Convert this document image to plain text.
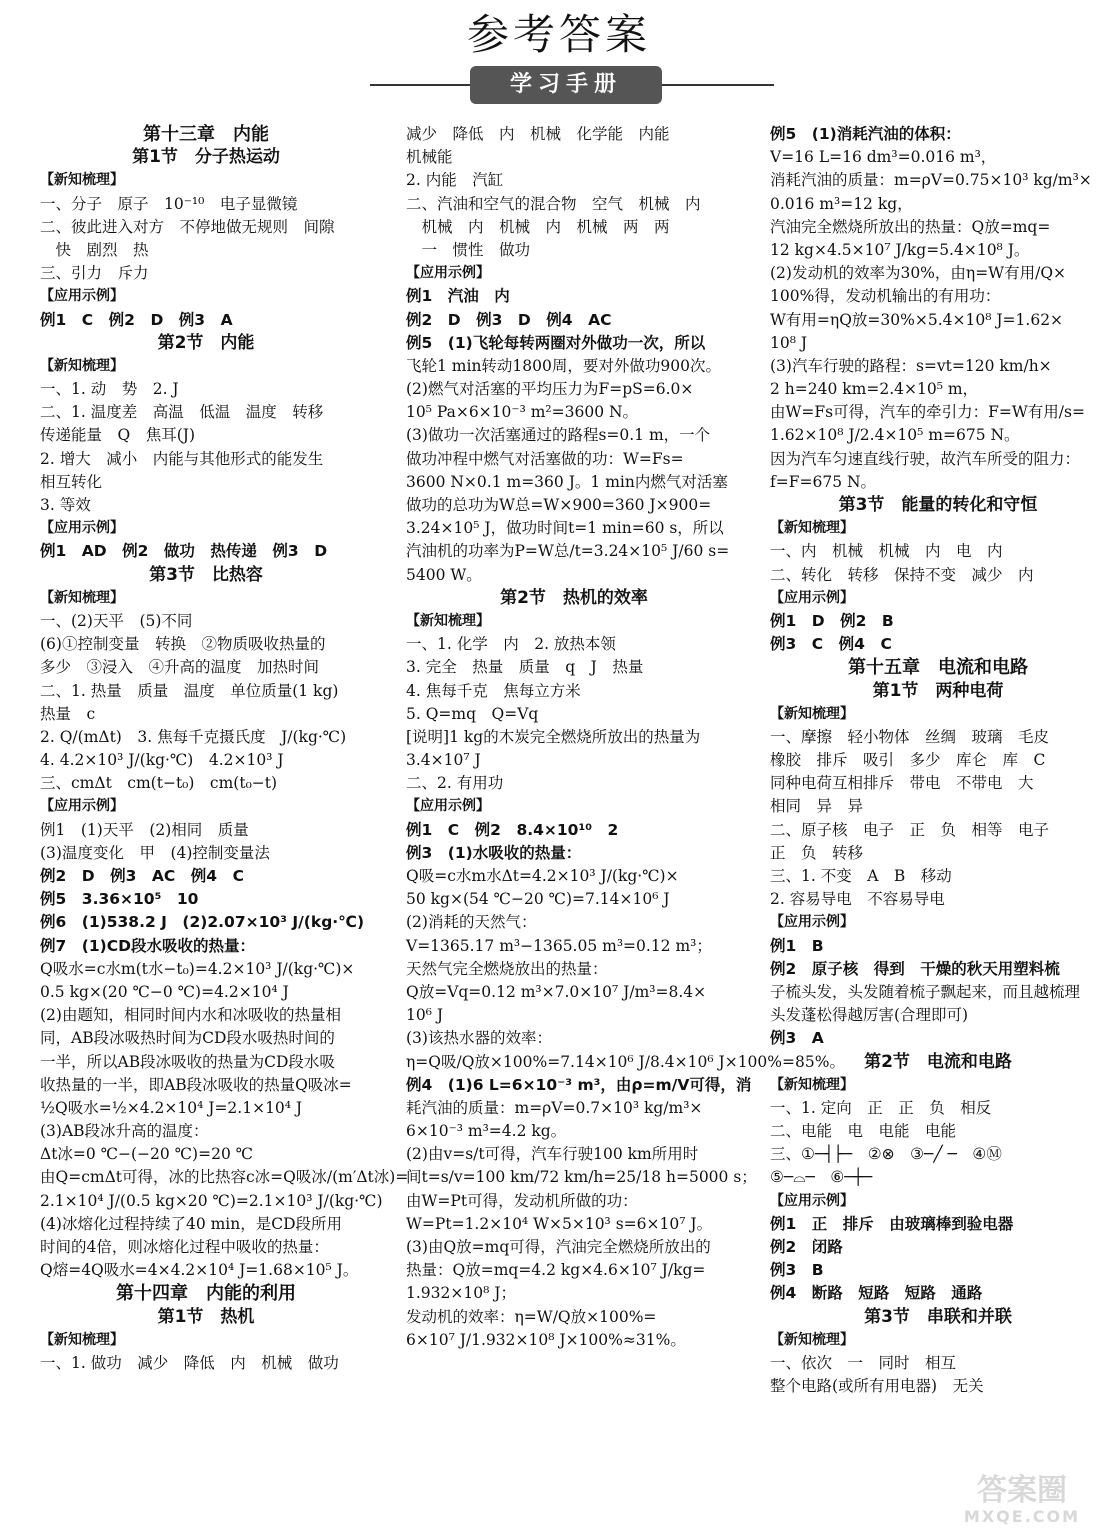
参考答案
学习手册
第十三章　内能
第1节　分子热运动
【新知梳理】
一、分子　原子　10⁻¹⁰　电子显微镜
二、彼此进入对方　不停地做无规则　间隙
　快　剧烈　热
三、引力　斥力
【应用示例】
例1　C　例2　D　例3　A
第2节　内能
【新知梳理】
一、1. 动　势　2. J
二、1. 温度差　高温　低温　温度　转移
传递能量　Q　焦耳(J)
2. 增大　减小　内能与其他形式的能发生
相互转化
3. 等效
【应用示例】
例1　AD　例2　做功　热传递　例3　D
第3节　比热容
【新知梳理】
一、(2)天平　(5)不同
(6)①控制变量　转换　②物质吸收热量的
多少　③浸入　④升高的温度　加热时间
二、1. 热量　质量　温度　单位质量(1 kg)
热量　c
2. Q/(mΔt)　3. 焦每千克摄氏度　J/(kg·℃)
4. 4.2×10³ J/(kg·℃)　4.2×10³ J
三、cmΔt　cm(t−t₀)　cm(t₀−t)
【应用示例】
例1　(1)天平　(2)相同　质量
(3)温度变化　甲　(4)控制变量法
例2　D　例3　AC　例4　C
例5　3.36×10⁵　10
例6　(1)538.2 J　(2)2.07×10³ J/(kg·℃)
例7　(1)CD段水吸收的热量：
Q吸水=c水m(t水−t₀)=4.2×10³ J/(kg·℃)×
0.5 kg×(20 ℃−0 ℃)=4.2×10⁴ J
(2)由题知，相同时间内水和冰吸收的热量相
同，AB段冰吸热时间为CD段水吸热时间的
一半，所以AB段冰吸收的热量为CD段水吸
收热量的一半，即AB段冰吸收的热量Q吸冰=
½Q吸水=½×4.2×10⁴ J=2.1×10⁴ J
(3)AB段冰升高的温度：
Δt冰=0 ℃−(−20 ℃)=20 ℃
由Q=cmΔt可得，冰的比热容c冰=Q吸冰/(m′Δt冰)=
2.1×10⁴ J/(0.5 kg×20 ℃)=2.1×10³ J/(kg·℃)
(4)冰熔化过程持续了40 min，是CD段所用
时间的4倍，则冰熔化过程中吸收的热量：
Q熔=4Q吸水=4×4.2×10⁴ J=1.68×10⁵ J。
第十四章　内能的利用
第1节　热机
【新知梳理】
一、1. 做功　减少　降低　内　机械　做功
减少　降低　内　机械　化学能　内能
机械能
2. 内能　汽缸
二、汽油和空气的混合物　空气　机械　内
　机械　内　机械　内　机械　两　两
　一　惯性　做功
【应用示例】
例1　汽油　内
例2　D　例3　D　例4　AC
例5　(1)飞轮每转两圈对外做功一次，所以
飞轮1 min转动1800周，要对外做功900次。
(2)燃气对活塞的平均压力为F=pS=6.0×
10⁵ Pa×6×10⁻³ m²=3600 N。
(3)做功一次活塞通过的路程s=0.1 m，一个
做功冲程中燃气对活塞做的功：W=Fs=
3600 N×0.1 m=360 J。1 min内燃气对活塞
做功的总功为W总=W×900=360 J×900=
3.24×10⁵ J，做功时间t=1 min=60 s，所以
汽油机的功率为P=W总/t=3.24×10⁵ J/60 s=
5400 W。
第2节　热机的效率
【新知梳理】
一、1. 化学　内　2. 放热本领
3. 完全　热量　质量　q　J　热量
4. 焦每千克　焦每立方米
5. Q=mq　Q=Vq
[说明]1 kg的木炭完全燃烧所放出的热量为
3.4×10⁷ J
二、2. 有用功
【应用示例】
例1　C　例2　8.4×10¹⁰　2
例3　(1)水吸收的热量：
Q吸=c水m水Δt=4.2×10³ J/(kg·℃)×
50 kg×(54 ℃−20 ℃)=7.14×10⁶ J
(2)消耗的天然气：
V=1365.17 m³−1365.05 m³=0.12 m³；
天然气完全燃烧放出的热量：
Q放=Vq=0.12 m³×7.0×10⁷ J/m³=8.4×
10⁶ J
(3)该热水器的效率：
η=Q吸/Q放×100%=7.14×10⁶ J/8.4×10⁶ J×100%=85%。
例4　(1)6 L=6×10⁻³ m³，由ρ=m/V可得，消
耗汽油的质量：m=ρV=0.7×10³ kg/m³×
6×10⁻³ m³=4.2 kg。
(2)由v=s/t可得，汽车行驶100 km所用时
间t=s/v=100 km/72 km/h=25/18 h=5000 s；
由W=Pt可得，发动机所做的功：
W=Pt=1.2×10⁴ W×5×10³ s=6×10⁷ J。
(3)由Q放=mq可得，汽油完全燃烧所放出的
热量：Q放=mq=4.2 kg×4.6×10⁷ J/kg=
1.932×10⁸ J；
发动机的效率：η=W/Q放×100%=
6×10⁷ J/1.932×10⁸ J×100%≈31%。
例5　(1)消耗汽油的体积：
V=16 L=16 dm³=0.016 m³，
消耗汽油的质量：m=ρV=0.75×10³ kg/m³×
0.016 m³=12 kg，
汽油完全燃烧所放出的热量：Q放=mq=
12 kg×4.5×10⁷ J/kg=5.4×10⁸ J。
(2)发动机的效率为30%，由η=W有用/Q×
100%得，发动机输出的有用功：
W有用=ηQ放=30%×5.4×10⁸ J=1.62×
10⁸ J
(3)汽车行驶的路程：s=vt=120 km/h×
2 h=240 km=2.4×10⁵ m，
由W=Fs可得，汽车的牵引力：F=W有用/s=
1.62×10⁸ J/2.4×10⁵ m=675 N。
因为汽车匀速直线行驶，故汽车所受的阻力：
f=F=675 N。
第3节　能量的转化和守恒
【新知梳理】
一、内　机械　机械　内　电　内
二、转化　转移　保持不变　减少　内
【应用示例】
例1　D　例2　B
例3　C　例4　C
第十五章　电流和电路
第1节　两种电荷
【新知梳理】
一、摩擦　轻小物体　丝绸　玻璃　毛皮
橡胶　排斥　吸引　多少　库仑　库　C
同种电荷互相排斥　带电　不带电　大
相同　异　异
二、原子核　电子　正　负　相等　电子
正　负　转移
三、1. 不变　A　B　移动
2. 容易导电　不容易导电
【应用示例】
例1　B
例2　原子核　得到　干燥的秋天用塑料梳
子梳头发，头发随着梳子飘起来，而且越梳理
头发蓬松得越厉害(合理即可)
例3　A
第2节　电流和电路
【新知梳理】
一、1. 定向　正　正　负　相反
二、电能　电　电能　电能
三、①─┤├─　②⊗　③─╱ ─　④Ⓜ
⑤─⌓─　⑥─┼─
【应用示例】
例1　正　排斥　由玻璃棒到验电器
例2　闭路
例3　B
例4　断路　短路　短路　通路
第3节　串联和并联
【新知梳理】
一、依次　一　同时　相互
整个电路(或所有用电器)　无关
答案圈
MXQE.COM
